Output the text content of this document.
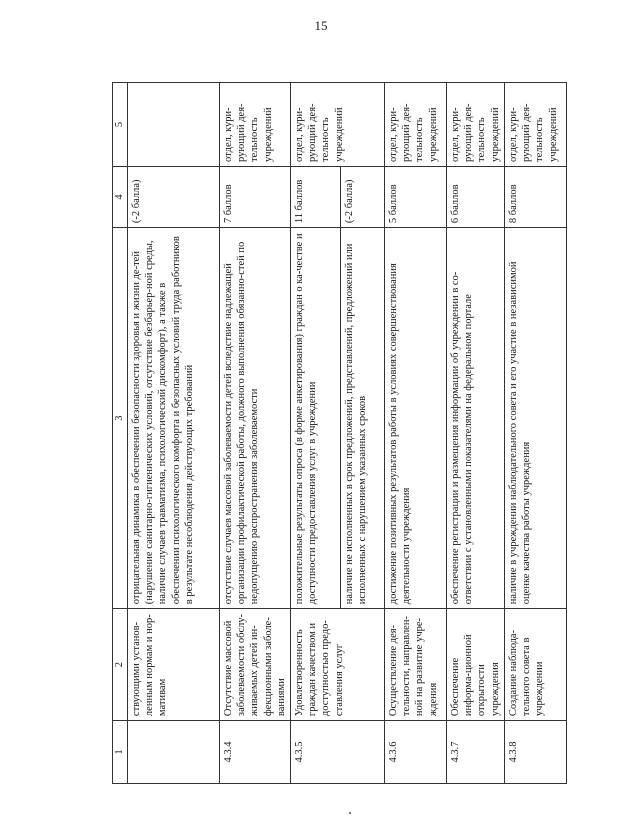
15
1	2	3	4	5
	ствующими установ-ленным нормам и нор-мативам	отрицательная динамика в обеспечении безопасности здоровья и жизни де-тей (нарушение санитарно-гигиенических условий, отсутствие безбарьер-ной среды, наличие случаев травматизма, психологический дискомфорт), а также в обеспечении психологического комфорта и безопасных условий труда работников в результате несоблюдения действующих требований	(-2 балла)	
4.3.4	Отсутствие массовой заболеваемости обслу-живаемых детей ин-фекционными заболе-ваниями	отсутствие случаев массовой заболеваемости детей вследствие надлежащей организации профилактической работы, должного выполнения обязанно-стей по недопущению распространения заболеваемости	7 баллов	отдел, кури-рующий дея-тельность учреждений
4.3.5	Удовлетворенность граждан качеством и доступностью предо-ставления услуг	положительные результаты опроса (в форме анкетирования) граждан о ка-честве и доступности предоставления услуг в учреждении	11 баллов	отдел, кури-рующий дея-тельность учреждений
		наличие не исполненных в срок предложений, представлений, предложений или исполненных с нарушением указанных сроков	(-2 балла)	
4.3.6	Осуществление дея-тельности, направлен-ной на развитие учре-ждения	достижение позитивных результатов работы в условиях совершенствования деятельности учреждения	5 баллов	отдел, кури-рующий дея-тельность учреждений
4.3.7	Обеспечение информа-ционной открытости учреждения	обеспечение регистрации и размещения информации об учреждении в со-ответствии с установленными показателями на федеральном портале	6 баллов	отдел, кури-рующий дея-тельность учреждений
4.3.8	Создание наблюда-тельного совета в учреждении	наличие в учреждении наблюдательного совета и его участие в независимой оценке качества работы учреждения	8 баллов	отдел, кури-рующий дея-тельность учреждений
